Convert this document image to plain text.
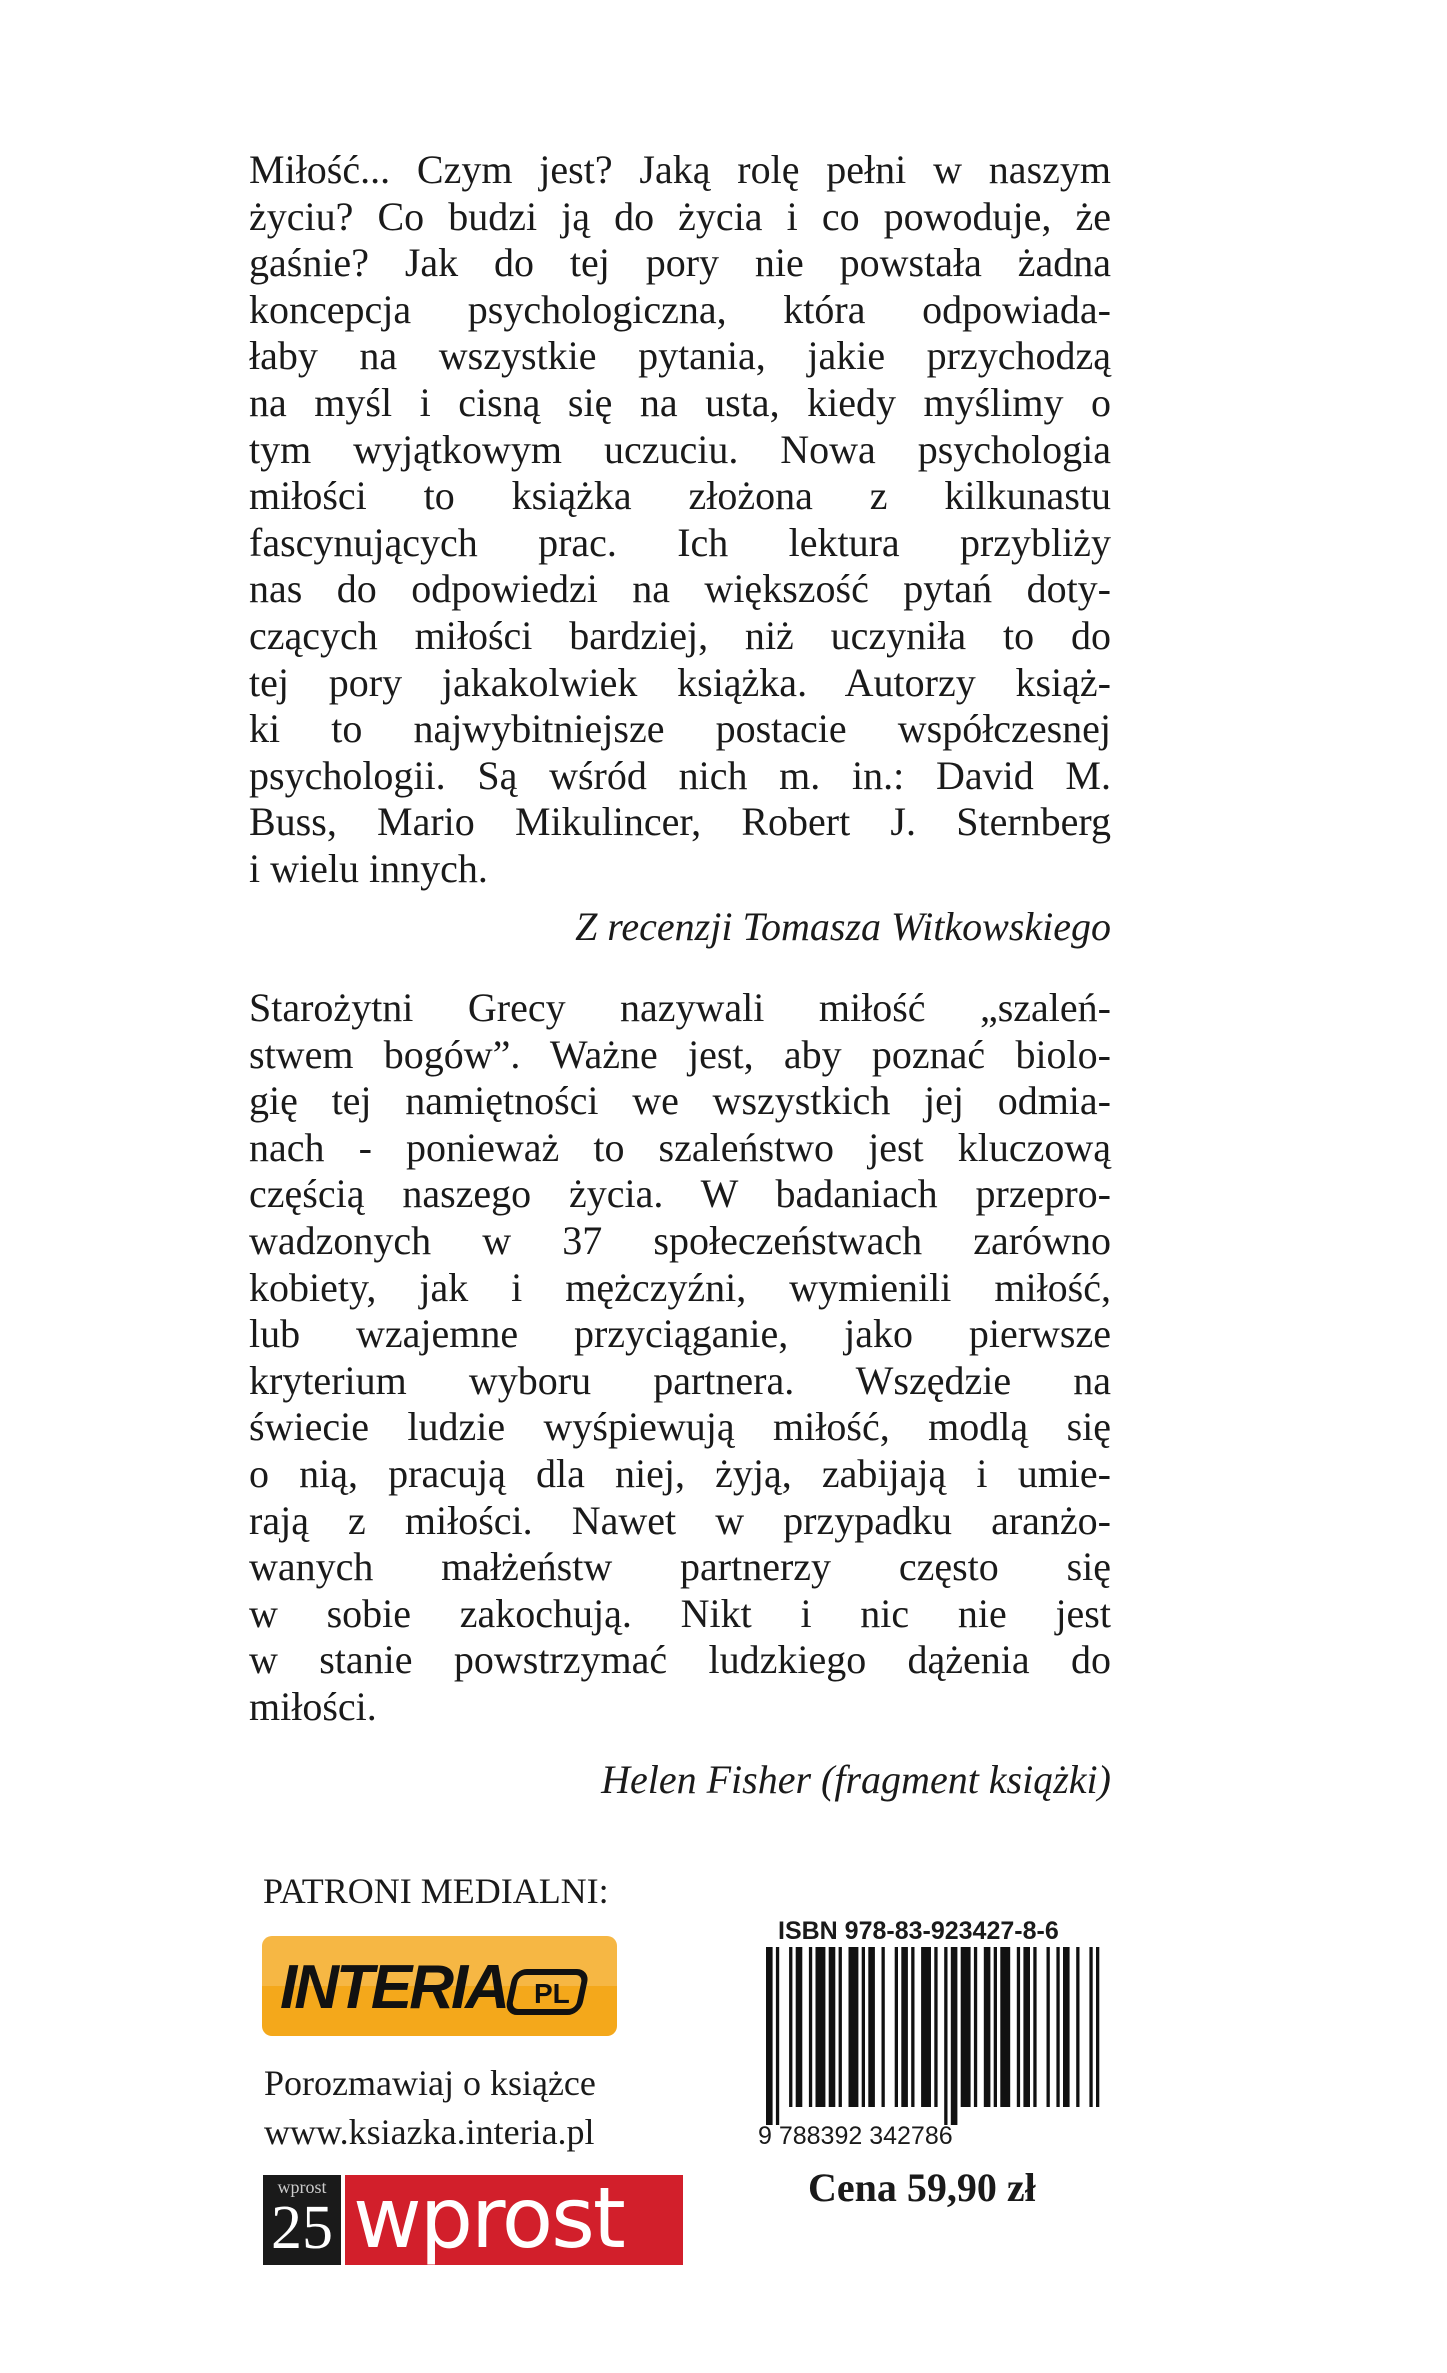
Miłość... Czym jest? Jaką rolę pełni w naszym
życiu? Co budzi ją do życia i co powoduje, że
gaśnie? Jak do tej pory nie powstała żadna
koncepcja psychologiczna, która odpowiada-
łaby na wszystkie pytania, jakie przychodzą
na myśl i cisną się na usta, kiedy myślimy o
tym wyjątkowym uczuciu. Nowa psychologia
miłości to książka złożona z kilkunastu
fascynujących prac. Ich lektura przybliży
nas do odpowiedzi na większość pytań doty-
czących miłości bardziej, niż uczyniła to do
tej pory jakakolwiek książka. Autorzy książ-
ki to najwybitniejsze postacie współczesnej
psychologii. Są wśród nich m. in.: David M.
Buss, Mario Mikulincer, Robert J. Sternberg
i wielu innych.
Z recenzji Tomasza Witkowskiego
Starożytni Grecy nazywali miłość „szaleń-
stwem bogów”. Ważne jest, aby poznać biolo-
gię tej namiętności we wszystkich jej odmia-
nach - ponieważ to szaleństwo jest kluczową
częścią naszego życia. W badaniach przepro-
wadzonych w 37 społeczeństwach zarówno
kobiety, jak i mężczyźni, wymienili miłość,
lub wzajemne przyciąganie, jako pierwsze
kryterium wyboru partnera. Wszędzie na
świecie ludzie wyśpiewują miłość, modlą się
o nią, pracują dla niej, żyją, zabijają i umie-
rają z miłości. Nawet w przypadku aranżo-
wanych małżeństw partnerzy często się
w sobie zakochują. Nikt i nic nie jest
w stanie powstrzymać ludzkiego dążenia do
miłości.
Helen Fisher (fragment książki)
PATRONI MEDIALNI:
INTERIA PL
Porozmawiaj o książce
www.ksiazka.interia.pl
wprost
25 wprost
ISBN 978-83-923427-8-6
9 788392 342786
Cena 59,90 zł
